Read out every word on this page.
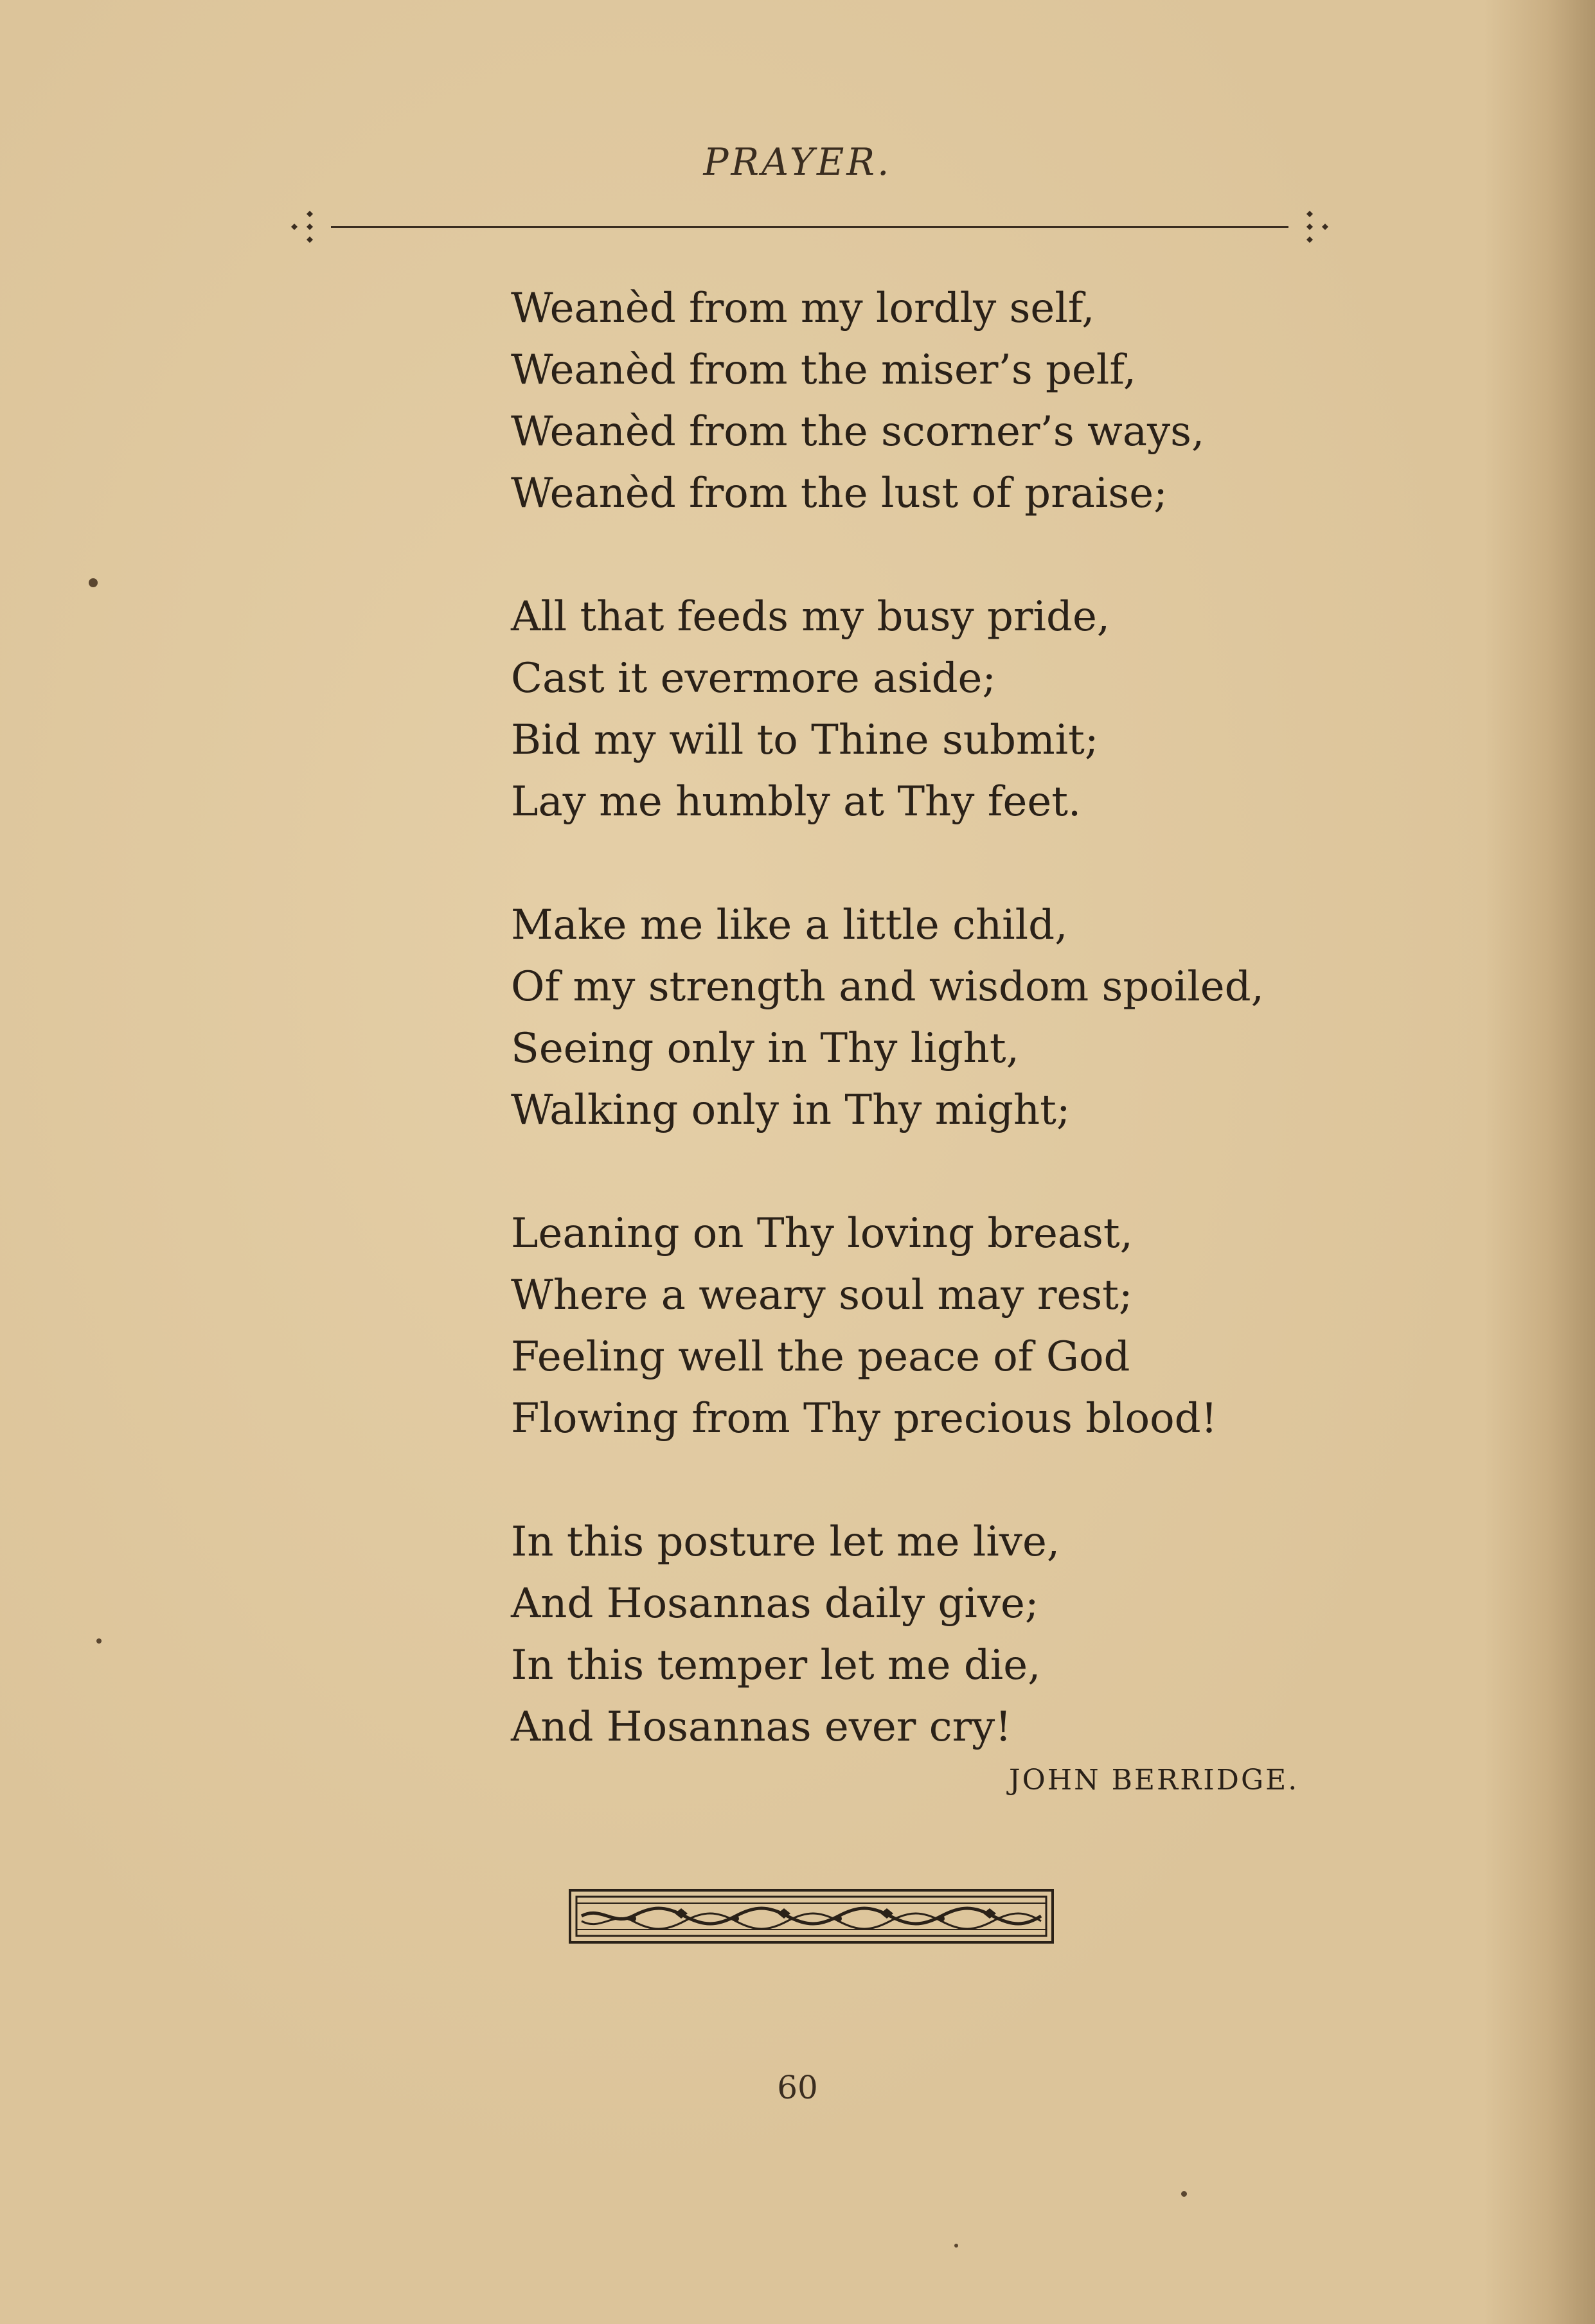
PRAYER.
Weanèd from my lordly self,
Weanèd from the miser’s pelf,
Weanèd from the scorner’s ways,
Weanèd from the lust of praise;
All that feeds my busy pride,
Cast it evermore aside;
Bid my will to Thine submit;
Lay me humbly at Thy feet.
Make me like a little child,
Of my strength and wisdom spoiled,
Seeing only in Thy light,
Walking only in Thy might;
Leaning on Thy loving breast,
Where a weary soul may rest;
Feeling well the peace of God
Flowing from Thy precious blood!
In this posture let me live,
And Hosannas daily give;
In this temper let me die,
And Hosannas ever cry!
JOHN BERRIDGE.
60
